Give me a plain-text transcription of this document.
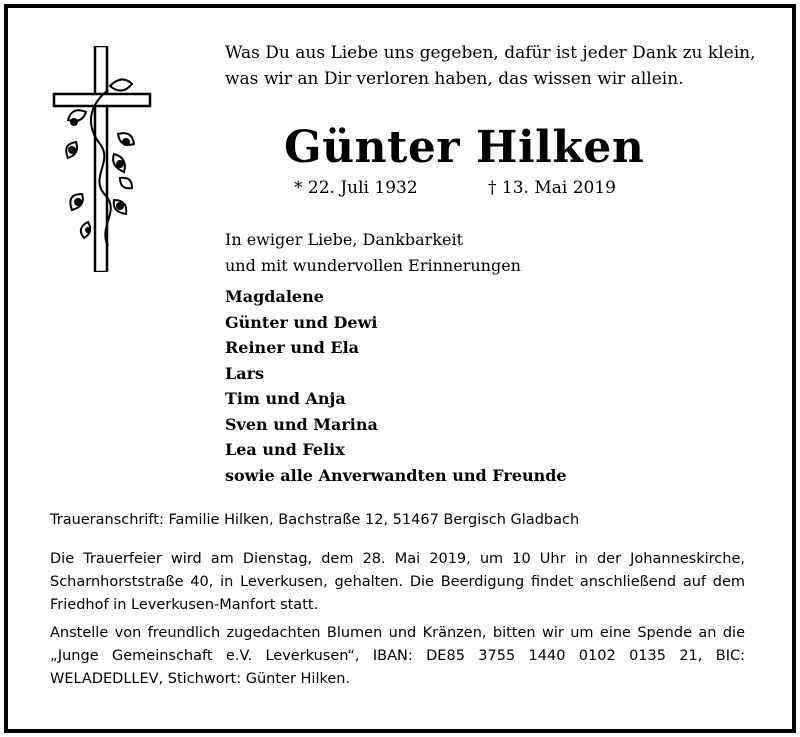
Was Du aus Liebe uns gegeben, dafür ist jeder Dank zu klein,
was wir an Dir verloren haben, das wissen wir allein.
Günter Hilken
* 22. Juli 1932	† 13. Mai 2019
In ewiger Liebe, Dankbarkeit
und mit wundervollen Erinnerungen
Magdalene
Günter und Dewi
Reiner und Ela
Lars
Tim und Anja
Sven und Marina
Lea und Felix
sowie alle Anverwandten und Freunde
Traueranschrift: Familie Hilken, Bachstraße 12, 51467 Bergisch Gladbach
Die Trauerfeier wird am Dienstag, dem 28. Mai 2019, um 10 Uhr in der Johanneskirche, Scharnhorststraße 40, in Leverkusen, gehalten. Die Beerdigung findet anschließend auf dem Friedhof in Leverkusen-Manfort statt.
Anstelle von freundlich zugedachten Blumen und Kränzen, bitten wir um eine Spende an die „Junge Gemeinschaft e.V. Leverkusen“, IBAN: DE85 3755 1440 0102 0135 21, BIC: WELADEDLLEV, Stichwort: Günter Hilken.
